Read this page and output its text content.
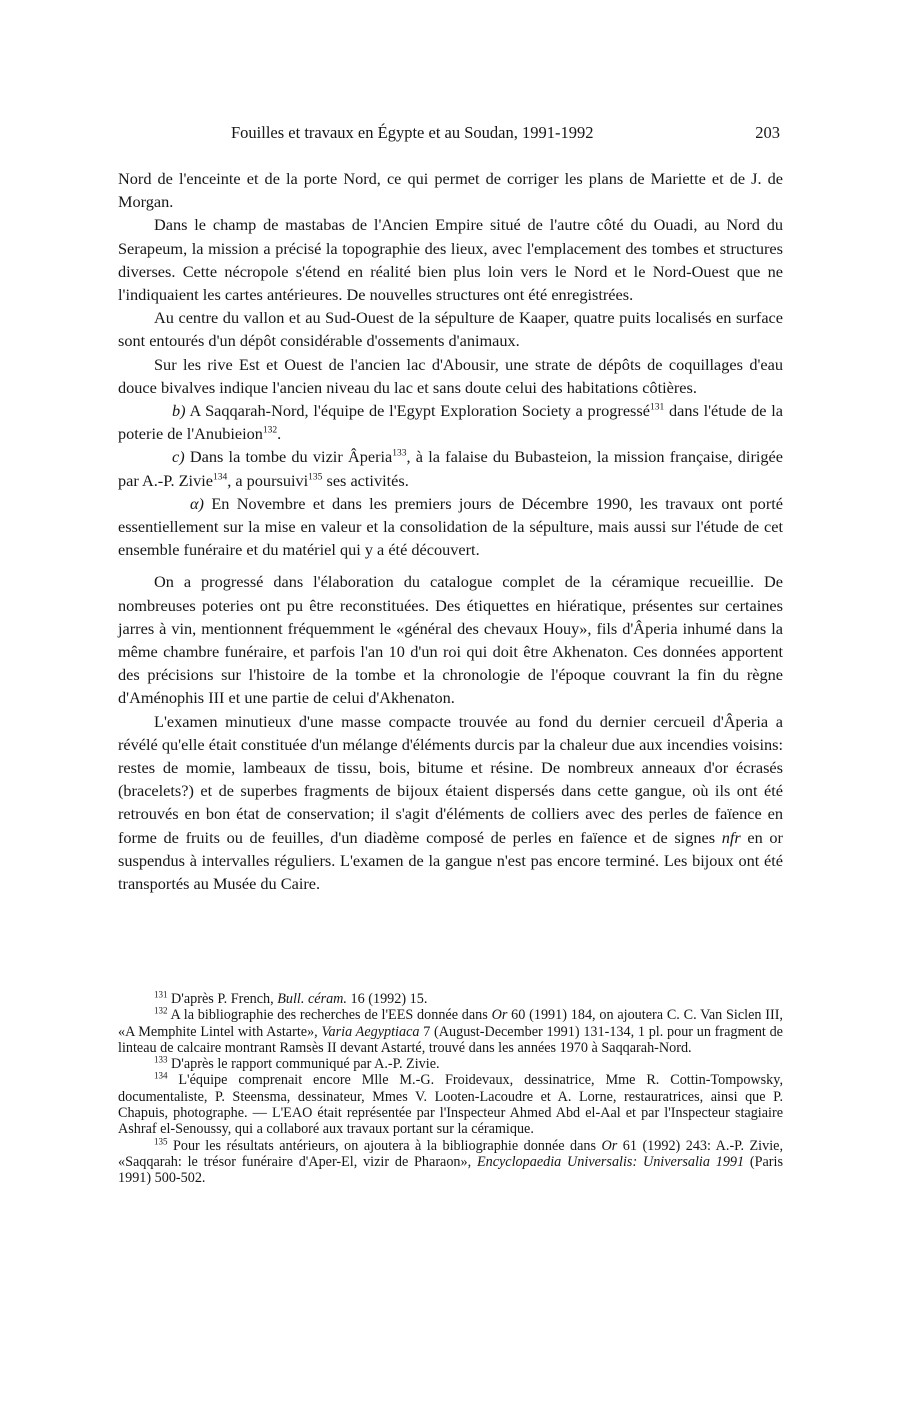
Fouilles et travaux en Égypte et au Soudan, 1991-1992	203

Nord de l'enceinte et de la porte Nord, ce qui permet de corriger les plans de Mariette et de J. de Morgan.

Dans le champ de mastabas de l'Ancien Empire situé de l'autre côté du Ouadi, au Nord du Serapeum, la mission a précisé la topographie des lieux, avec l'emplacement des tombes et structures diverses. Cette nécropole s'étend en réalité bien plus loin vers le Nord et le Nord-Ouest que ne l'indiquaient les cartes antérieures. De nouvelles structures ont été enregistrées.

Au centre du vallon et au Sud-Ouest de la sépulture de Kaaper, quatre puits localisés en surface sont entourés d'un dépôt considérable d'ossements d'animaux.

Sur les rive Est et Ouest de l'ancien lac d'Abousir, une strate de dépôts de coquillages d'eau douce bivalves indique l'ancien niveau du lac et sans doute celui des habitations côtières.

b) A Saqqarah-Nord, l'équipe de l'Egypt Exploration Society a progressé$^{131}$ dans l'étude de la poterie de l'Anubieion$^{132}$.

c) Dans la tombe du vizir Âperia$^{133}$, à la falaise du Bubasteion, la mission française, dirigée par A.-P. Zivie$^{134}$, a poursuivi$^{135}$ ses activités.

α) En Novembre et dans les premiers jours de Décembre 1990, les travaux ont porté essentiellement sur la mise en valeur et la consolidation de la sépulture, mais aussi sur l'étude de cet ensemble funéraire et du matériel qui y a été découvert.

On a progressé dans l'élaboration du catalogue complet de la céramique recueillie. De nombreuses poteries ont pu être reconstituées. Des étiquettes en hiératique, présentes sur certaines jarres à vin, mentionnent fréquemment le «général des chevaux Houy», fils d'Âperia inhumé dans la même chambre funéraire, et parfois l'an 10 d'un roi qui doit être Akhenaton. Ces données apportent des précisions sur l'histoire de la tombe et la chronologie de l'époque couvrant la fin du règne d'Aménophis III et une partie de celui d'Akhenaton.

L'examen minutieux d'une masse compacte trouvée au fond du dernier cercueil d'Âperia a révélé qu'elle était constituée d'un mélange d'éléments durcis par la chaleur due aux incendies voisins: restes de momie, lambeaux de tissu, bois, bitume et résine. De nombreux anneaux d'or écrasés (bracelets?) et de superbes fragments de bijoux étaient dispersés dans cette gangue, où ils ont été retrouvés en bon état de conservation; il s'agit d'éléments de colliers avec des perles de faïence en forme de fruits ou de feuilles, d'un diadème composé de perles en faïence et de signes nfr en or suspendus à intervalles réguliers. L'examen de la gangue n'est pas encore terminé. Les bijoux ont été transportés au Musée du Caire.

$^{131}$ D'après P. French, Bull. céram. 16 (1992) 15.

$^{132}$ A la bibliographie des recherches de l'EES donnée dans Or 60 (1991) 184, on ajoutera C. C. Van Siclen III, «A Memphite Lintel with Astarte», Varia Aegyptiaca 7 (August-December 1991) 131-134, 1 pl. pour un fragment de linteau de calcaire montrant Ramsès II devant Astarté, trouvé dans les années 1970 à Saqqarah-Nord.

$^{133}$ D'après le rapport communiqué par A.-P. Zivie.

$^{134}$ L'équipe comprenait encore Mlle M.-G. Froidevaux, dessinatrice, Mme R. Cottin-Tompowsky, documentaliste, P. Steensma, dessinateur, Mmes V. Looten-Lacoudre et A. Lorne, restauratrices, ainsi que P. Chapuis, photographe. — L'EAO était représentée par l'Inspecteur Ahmed Abd el-Aal et par l'Inspecteur stagiaire Ashraf el-Senoussy, qui a collaboré aux travaux portant sur la céramique.

$^{135}$ Pour les résultats antérieurs, on ajoutera à la bibliographie donnée dans Or 61 (1992) 243: A.-P. Zivie, «Saqqarah: le trésor funéraire d'Aper-El, vizir de Pharaon», Encyclopaedia Universalis: Universalia 1991 (Paris 1991) 500-502.
